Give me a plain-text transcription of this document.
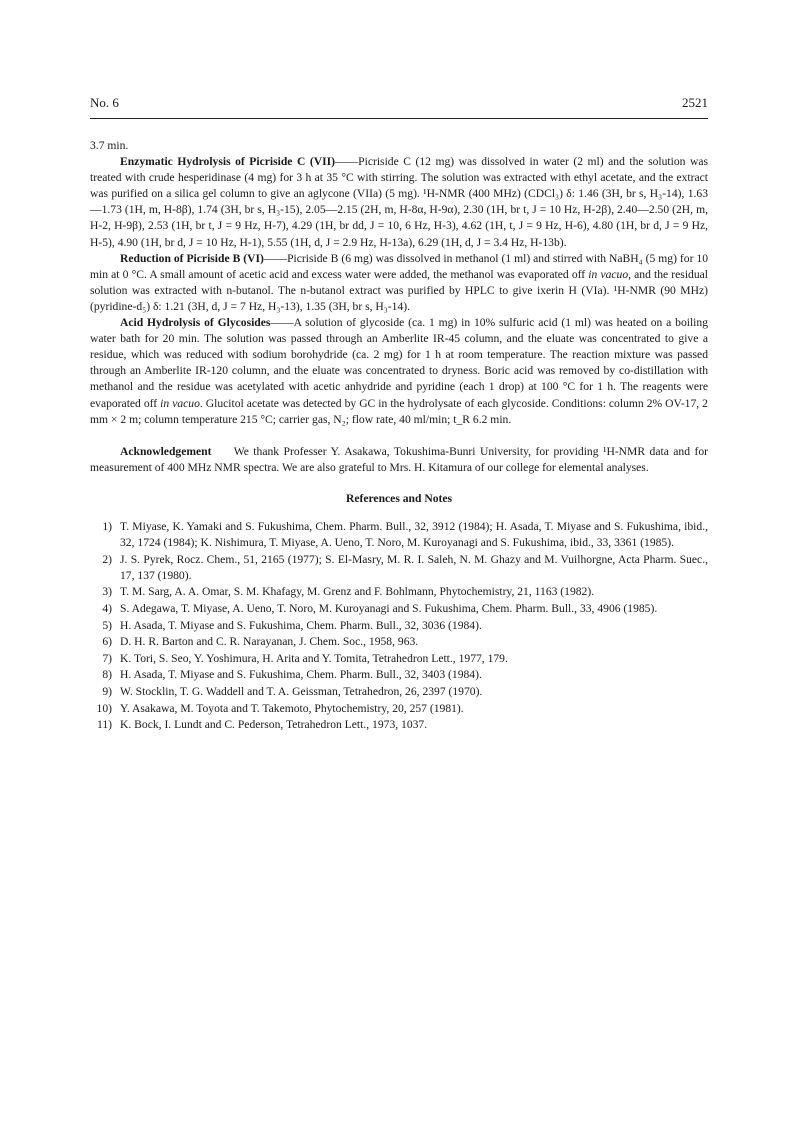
No. 6	2521

3.7 min.

Enzymatic Hydrolysis of Picriside C (VII)——Picriside C (12 mg) was dissolved in water (2 ml) and the solution was treated with crude hesperidinase (4 mg) for 3 h at 35 °C with stirring. The solution was extracted with ethyl acetate, and the extract was purified on a silica gel column to give an aglycone (VIIa) (5 mg). ¹H-NMR (400 MHz) (CDCl₃) δ: 1.46 (3H, br s, H₃-14), 1.63—1.73 (1H, m, H-8β), 1.74 (3H, br s, H₃-15), 2.05—2.15 (2H, m, H-8α, H-9α), 2.30 (1H, br t, J = 10 Hz, H-2β), 2.40—2.50 (2H, m, H-2, H-9β), 2.53 (1H, br t, J = 9 Hz, H-7), 4.29 (1H, br dd, J = 10, 6 Hz, H-3), 4.62 (1H, t, J = 9 Hz, H-6), 4.80 (1H, br d, J = 9 Hz, H-5), 4.90 (1H, br d, J = 10 Hz, H-1), 5.55 (1H, d, J = 2.9 Hz, H-13a), 6.29 (1H, d, J = 3.4 Hz, H-13b).

Reduction of Picriside B (VI)——Picriside B (6 mg) was dissolved in methanol (1 ml) and stirred with NaBH₄ (5 mg) for 10 min at 0 °C. A small amount of acetic acid and excess water were added, the methanol was evaporated off in vacuo, and the residual solution was extracted with n-butanol. The n-butanol extract was purified by HPLC to give ixerin H (VIa). ¹H-NMR (90 MHz) (pyridine-d₅) δ: 1.21 (3H, d, J = 7 Hz, H₃-13), 1.35 (3H, br s, H₃-14).

Acid Hydrolysis of Glycosides——A solution of glycoside (ca. 1 mg) in 10% sulfuric acid (1 ml) was heated on a boiling water bath for 20 min. The solution was passed through an Amberlite IR-45 column, and the eluate was concentrated to give a residue, which was reduced with sodium borohydride (ca. 2 mg) for 1 h at room temperature. The reaction mixture was passed through an Amberlite IR-120 column, and the eluate was concentrated to dryness. Boric acid was removed by co-distillation with methanol and the residue was acetylated with acetic anhydride and pyridine (each 1 drop) at 100 °C for 1 h. The reagents were evaporated off in vacuo. Glucitol acetate was detected by GC in the hydrolysate of each glycoside. Conditions: column 2% OV-17, 2 mm × 2 m; column temperature 215 °C; carrier gas, N₂; flow rate, 40 ml/min; t_R 6.2 min.

Acknowledgement We thank Professer Y. Asakawa, Tokushima-Bunri University, for providing ¹H-NMR data and for measurement of 400 MHz NMR spectra. We are also grateful to Mrs. H. Kitamura of our college for elemental analyses.

References and Notes
1) T. Miyase, K. Yamaki and S. Fukushima, Chem. Pharm. Bull., 32, 3912 (1984); H. Asada, T. Miyase and S. Fukushima, ibid., 32, 1724 (1984); K. Nishimura, T. Miyase, A. Ueno, T. Noro, M. Kuroyanagi and S. Fukushima, ibid., 33, 3361 (1985).
2) J. S. Pyrek, Rocz. Chem., 51, 2165 (1977); S. El-Masry, M. R. I. Saleh, N. M. Ghazy and M. Vuilhorgne, Acta Pharm. Suec., 17, 137 (1980).
3) T. M. Sarg, A. A. Omar, S. M. Khafagy, M. Grenz and F. Bohlmann, Phytochemistry, 21, 1163 (1982).
4) S. Adegawa, T. Miyase, A. Ueno, T. Noro, M. Kuroyanagi and S. Fukushima, Chem. Pharm. Bull., 33, 4906 (1985).
5) H. Asada, T. Miyase and S. Fukushima, Chem. Pharm. Bull., 32, 3036 (1984).
6) D. H. R. Barton and C. R. Narayanan, J. Chem. Soc., 1958, 963.
7) K. Tori, S. Seo, Y. Yoshimura, H. Arita and Y. Tomita, Tetrahedron Lett., 1977, 179.
8) H. Asada, T. Miyase and S. Fukushima, Chem. Pharm. Bull., 32, 3403 (1984).
9) W. Stocklin, T. G. Waddell and T. A. Geissman, Tetrahedron, 26, 2397 (1970).
10) Y. Asakawa, M. Toyota and T. Takemoto, Phytochemistry, 20, 257 (1981).
11) K. Bock, I. Lundt and C. Pederson, Tetrahedron Lett., 1973, 1037.
